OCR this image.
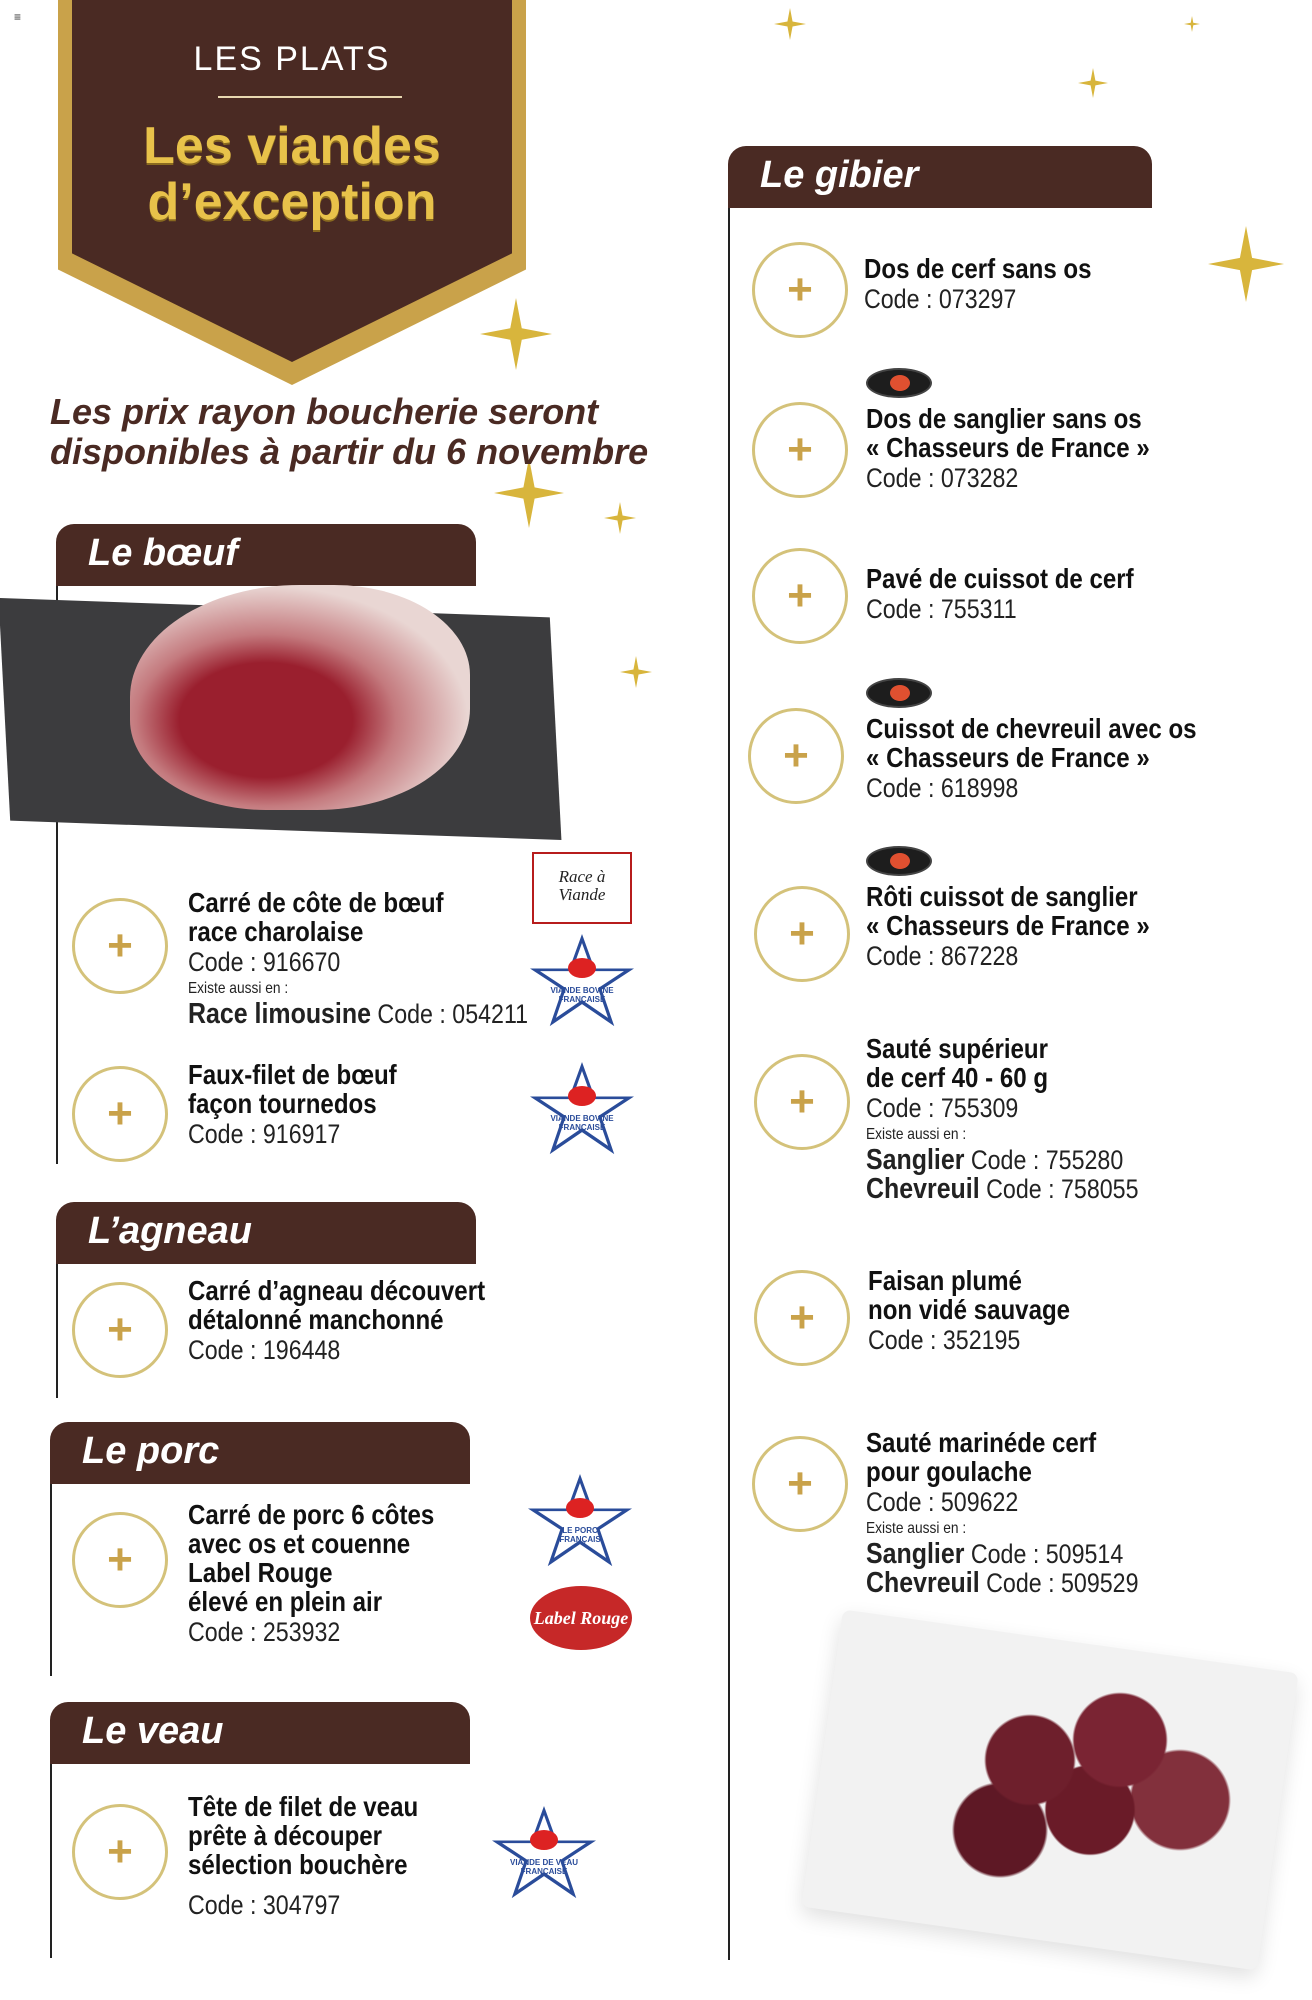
≡
LES PLATS
Les viandes
d’exception
Les prix rayon boucherie seront
disponibles à partir du 6 novembre
Le bœuf
+
Carré de côte de bœuf
race charolaise
Code : 916670
Existe aussi en :
Race limousine Code : 054211
Race à Viande
VIANDE BOVINE FRANÇAISE
+
Faux-filet de bœuf
façon tournedos
Code : 916917
VIANDE BOVINE FRANÇAISE
L’agneau
+
Carré d’agneau découvert
détalonné manchonné
Code : 196448
Le porc
+
Carré de porc 6 côtes
avec os et couenne
Label Rouge
élevé en plein air
Code : 253932
LE PORC FRANÇAIS
Label Rouge
Le veau
+
Tête de filet de veau
prête à découper
sélection bouchère
Code : 304797
VIANDE DE VEAU FRANÇAISE
Le gibier
+	Dos de cerf sans os
Code : 073297
+
Dos de sanglier sans os
« Chasseurs de France »
Code : 073282
+	Pavé de cuissot de cerf
Code : 755311
+
Cuissot de chevreuil avec os
« Chasseurs de France »
Code : 618998
+
Rôti cuissot de sanglier
« Chasseurs de France »
Code : 867228
+
Sauté supérieur
de cerf 40 - 60 g
Code : 755309
Existe aussi en :
Sanglier Code : 755280
Chevreuil Code : 758055
+
Faisan plumé
non vidé sauvage
Code : 352195
+
Sauté marinéde cerf
pour goulache
Code : 509622
Existe aussi en :
Sanglier Code : 509514
Chevreuil Code : 509529
